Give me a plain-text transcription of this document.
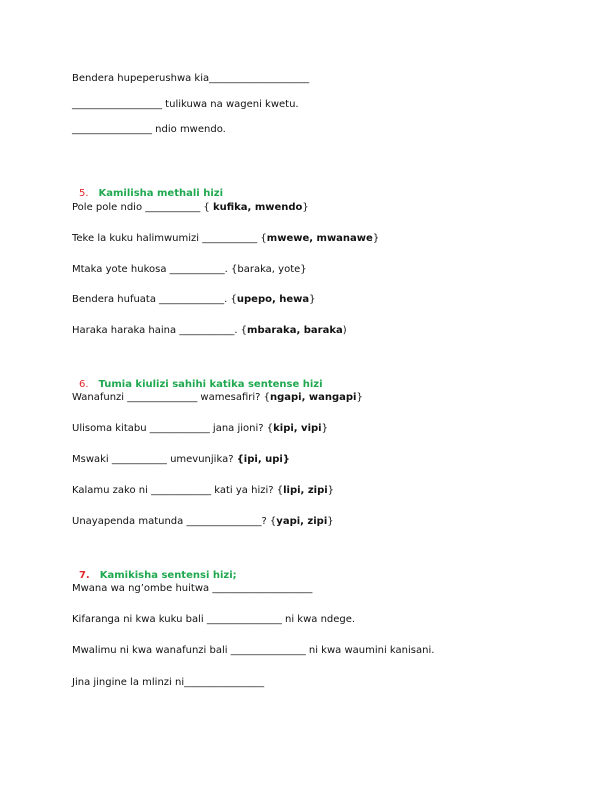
Bendera hupeperushwa kia____________________
__________________ tulikuwa na wageni kwetu.
________________ ndio mwendo.

5. Kamilisha methali hizi

Pole pole ndio ___________ { kufika, mwendo}
Teke la kuku halimwumizi ___________ {mwewe, mwanawe}
Mtaka yote hukosa ___________. {baraka, yote}
Bendera hufuata _____________. {upepo, hewa}
Haraka haraka haina ___________. {mbaraka, baraka)

6. Tumia kiulizi sahihi katika sentense hizi

Wanafunzi ______________ wamesafiri? {ngapi, wangapi}
Ulisoma kitabu ____________ jana jioni? {kipi, vipi}
Mswaki ___________ umevunjika? {ipi, upi}
Kalamu zako ni ____________ kati ya hizi? {lipi, zipi}
Unayapenda matunda _______________? {yapi, zipi}

7. Kamikisha sentensi hizi;

Mwana wa ng’ombe huitwa ____________________
Kifaranga ni kwa kuku bali _______________ ni kwa ndege.
Mwalimu ni kwa wanafunzi bali _______________ ni kwa waumini kanisani.
Jina jingine la mlinzi ni________________
